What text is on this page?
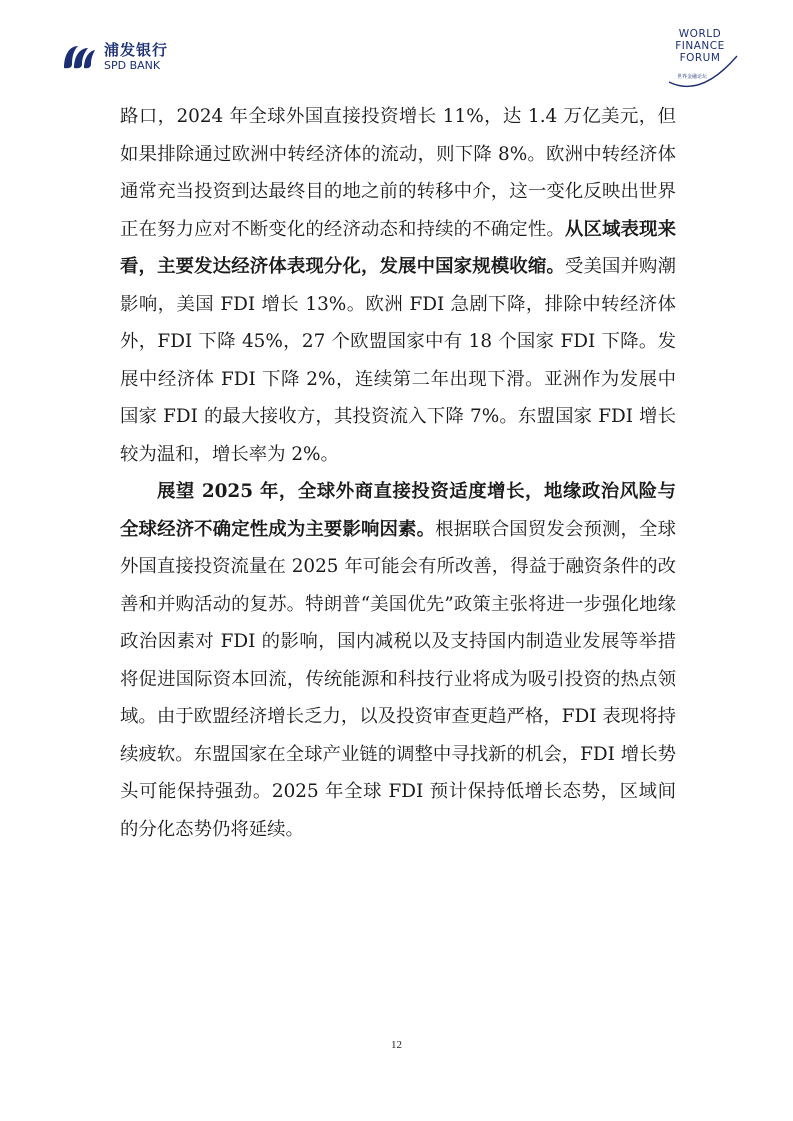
浦发银行
SPD BANK
WORLD
FINANCE
FORUM
世界金融论坛

路口，2024 年全球外国直接投资增长 11%，达 1.4 万亿美元，但如果排除通过欧洲中转经济体的流动，则下降 8%。欧洲中转经济体通常充当投资到达最终目的地之前的转移中介，这一变化反映出世界正在努力应对不断变化的经济动态和持续的不确定性。从区域表现来看，主要发达经济体表现分化，发展中国家规模收缩。受美国并购潮影响，美国 FDI 增长 13%。欧洲 FDI 急剧下降，排除中转经济体外，FDI 下降 45%，27 个欧盟国家中有 18 个国家 FDI 下降。发展中经济体 FDI 下降 2%，连续第二年出现下滑。亚洲作为发展中国家 FDI 的最大接收方，其投资流入下降 7%。东盟国家 FDI 增长较为温和，增长率为 2%。

展望 2025 年，全球外商直接投资适度增长，地缘政治风险与全球经济不确定性成为主要影响因素。根据联合国贸发会预测，全球外国直接投资流量在 2025 年可能会有所改善，得益于融资条件的改善和并购活动的复苏。特朗普“美国优先”政策主张将进一步强化地缘政治因素对 FDI 的影响，国内减税以及支持国内制造业发展等举措将促进国际资本回流，传统能源和科技行业将成为吸引投资的热点领域。由于欧盟经济增长乏力，以及投资审查更趋严格，FDI 表现将持续疲软。东盟国家在全球产业链的调整中寻找新的机会，FDI 增长势头可能保持强劲。2025 年全球 FDI 预计保持低增长态势，区域间的分化态势仍将延续。

12
